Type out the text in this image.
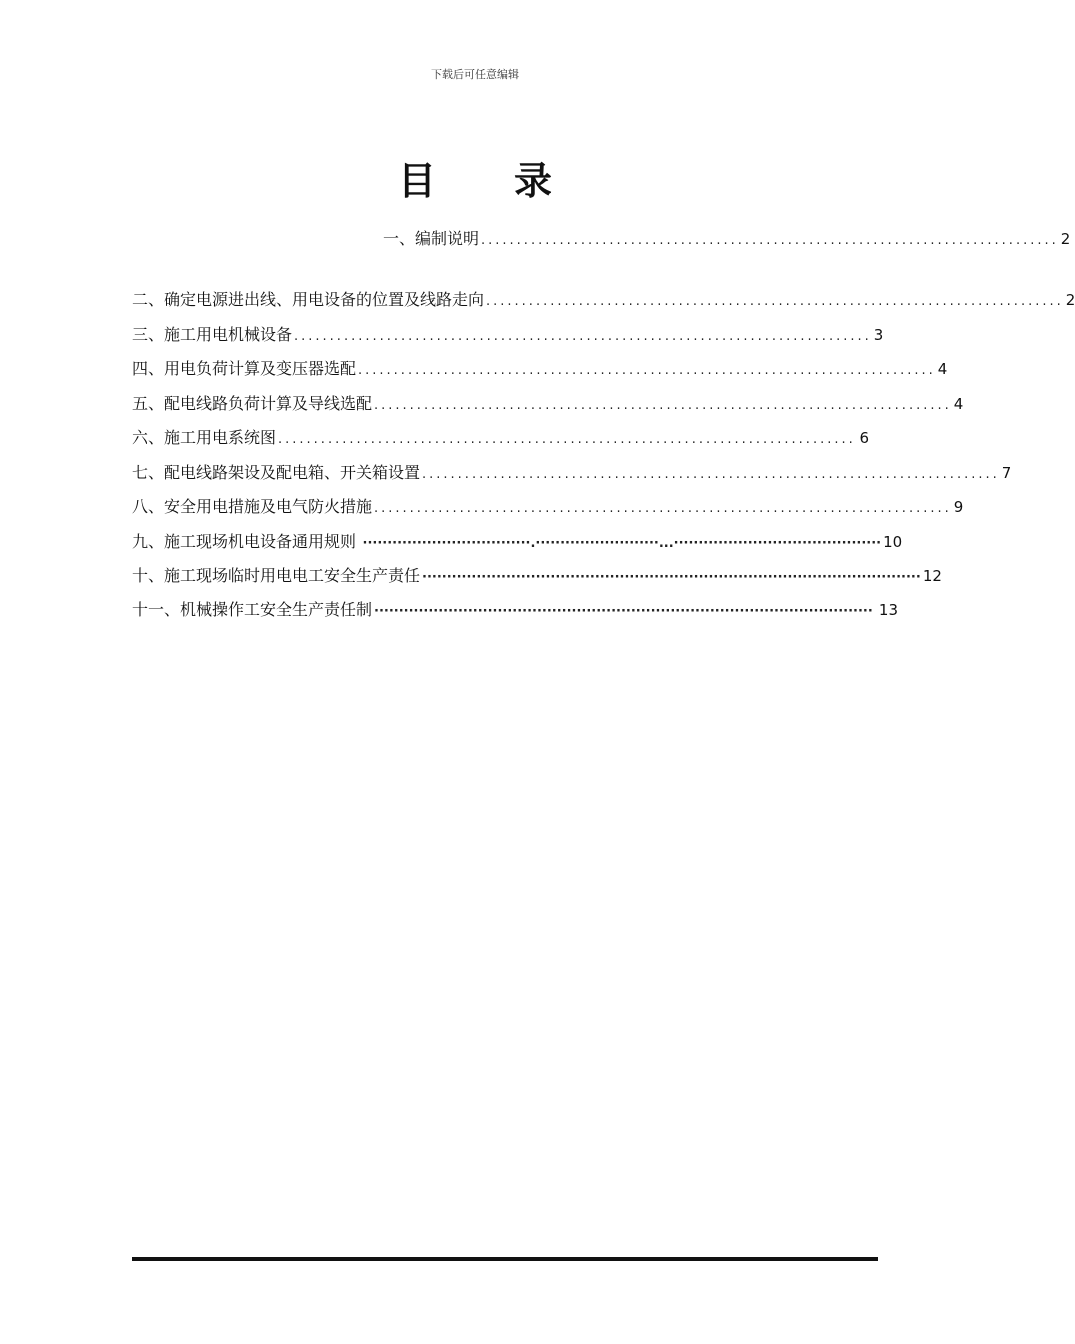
下载后可任意编辑
目录
一、编制说明 ................................................................................. 2
二、确定电源进出线、用电设备的位置及线路走向 ................................................................................. 2
三、施工用电机械设备 ................................................................................. 3
四、用电负荷计算及变压器选配 ................................................................................. 4
五、配电线路负荷计算及导线选配 ................................................................................. 4
六、施工用电系统图 ................................................................................. 6
七、配电线路架设及配电箱、开关箱设置 ................................................................................. 7
八、安全用电措施及电气防火措施 ................................................................................. 9
九、施工现场机电设备通用规则 ··································.·························...·········································· 10
十、施工现场临时用电电工安全生产责任 ····································································································· 12
十一、机械操作工安全生产责任制 ····································································································· 13
